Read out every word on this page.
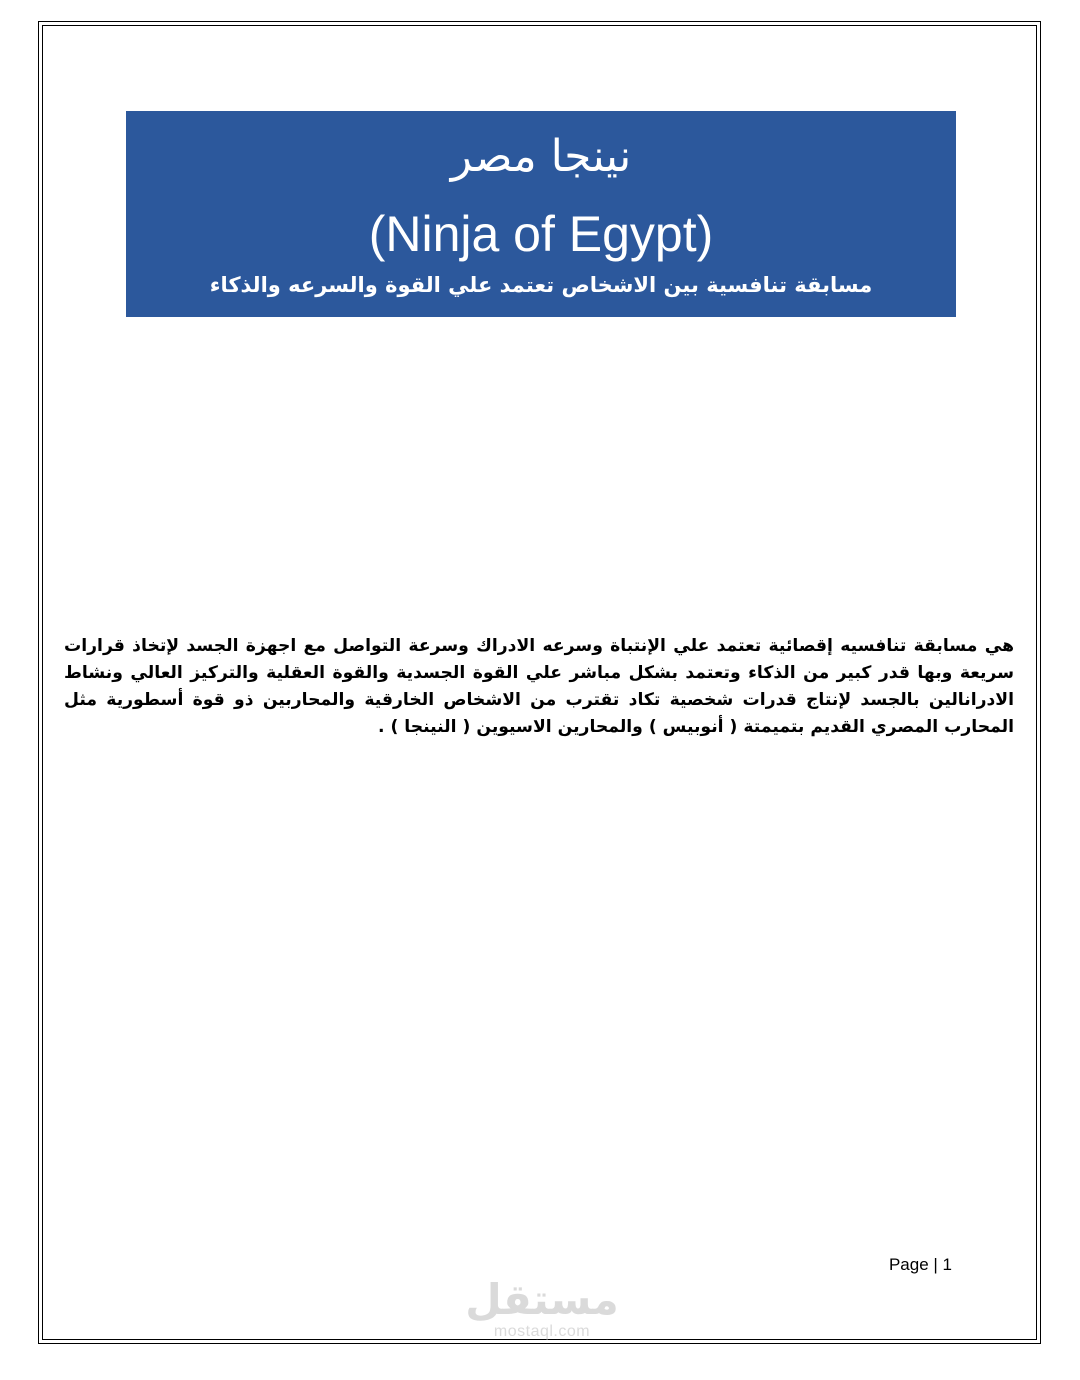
نينجا مصر
(Ninja of Egypt)
مسابقة تنافسية بين الاشخاص تعتمد علي القوة والسرعه والذكاء
هي مسابقة تنافسيه إقصائية تعتمد علي الإنتباة وسرعه الادراك وسرعة التواصل مع اجهزة الجسد لإتخاذ قرارات سريعة وبها قدر كبير من الذكاء وتعتمد بشكل مباشر علي القوة الجسدية والقوة العقلية والتركيز العالي ونشاط الادرانالين بالجسد لإنتاج قدرات شخصية تكاد تقترب من الاشخاص الخارقية والمحاربين ذو قوة أسطورية مثل المحارب المصري القديم بتميمتة ( أنوبيس ) والمحارين الاسيوين ( النينجا ) .
Page | 1
مستقل
mostaql.com
